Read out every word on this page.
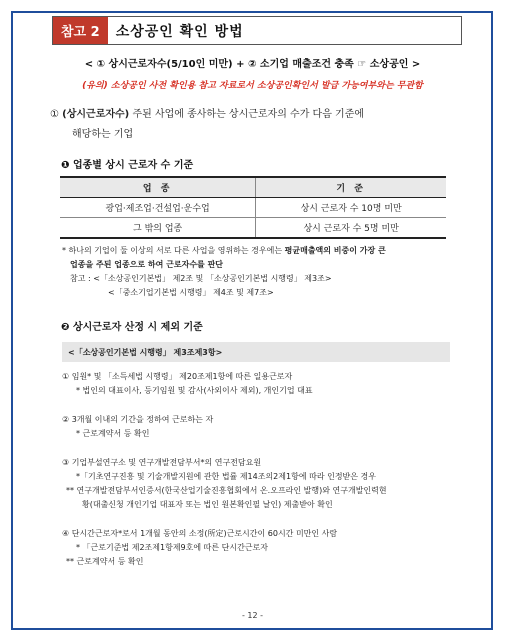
참고 2	소상공인 확인 방법
< ① 상시근로자수(5/10인 미만) + ② 소기업 매출조건 충족 ☞ 소상공인 >
(유의) 소상공인 사전 확인용 참고 자료로서 소상공인확인서 발급 가능여부와는 무관함
① (상시근로자수) 주된 사업에 종사하는 상시근로자의 수가 다음 기준에
해당하는 기업
❶ 업종별 상시 근로자 수 기준
업 종	기 준
광업·제조업·건설업·운수업	상시 근로자 수 10명 미만
그 밖의 업종	상시 근로자 수 5명 미만
* 하나의 기업이 둘 이상의 서로 다른 사업을 영위하는 경우에는 평균매출액의 비중이 가장 큰
업종을 주된 업종으로 하여 근로자수를 판단
참고 : <「소상공인기본법」 제2조 및 「소상공인기본법 시행령」 제3조>
<「중소기업기본법 시행령」 제4조 및 제7조>
❷ 상시근로자 산정 시 제외 기준
<「소상공인기본법 시행령」 제3조제3항>
① 임원* 및 「소득세법 시행령」 제20조제1항에 따른 일용근로자
* 법인의 대표이사, 등기임원 및 감사(사외이사 제외), 개인기업 대표
② 3개월 이내의 기간을 정하여 근로하는 자
* 근로계약서 등 확인
③ 기업부설연구소 및 연구개발전담부서*의 연구전담요원
*「기초연구진흥 및 기술개발지원에 관한 법률 제14조의2제1항에 따라 인정받은 경우
** 연구개발전담부서인증서(한국산업기술진흥협회에서 온.오프라인 발행)와 연구개발인력현
황(대출신청 개인기업 대표자 또는 법인 원본확인필 날인) 제출받아 확인
④ 단시간근로자*로서 1개월 동안의 소정(所定)근로시간이 60시간 미만인 사람
* 「근로기준법 제2조제1항제9호에 따른 단시간근로자
** 근로계약서 등 확인
- 12 -
